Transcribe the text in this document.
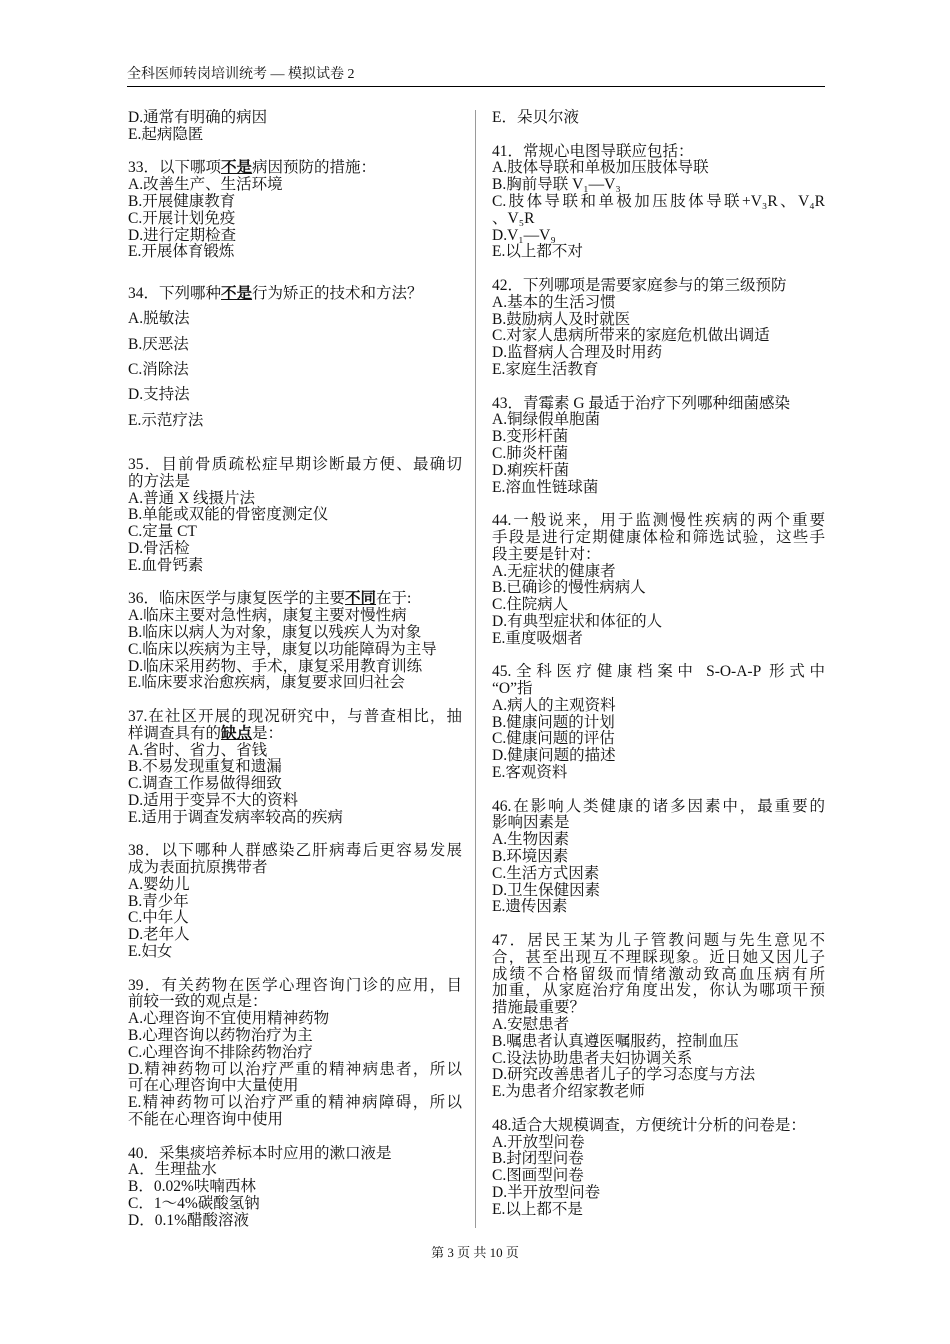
全科医师转岗培训统考 — 模拟试卷 2
D.通常有明确的病因
E.起病隐匿
33．以下哪项不是病因预防的措施：
A.改善生产、生活环境
B.开展健康教育
C.开展计划免疫
D.进行定期检查
E.开展体育锻炼
34．下列哪种不是行为矫正的技术和方法？
A.脱敏法
B.厌恶法
C.消除法
D.支持法
E.示范疗法
35．目前骨质疏松症早期诊断最方便、最确切
的方法是
A.普通 X 线摄片法
B.单能或双能的骨密度测定仪
C.定量 CT
D.骨活检
E.血骨钙素
36．临床医学与康复医学的主要不同在于:
A.临床主要对急性病，康复主要对慢性病
B.临床以病人为对象，康复以残疾人为对象
C.临床以疾病为主导，康复以功能障碍为主导
D.临床采用药物、手术，康复采用教育训练
E.临床要求治愈疾病，康复要求回归社会
37.在社区开展的现况研究中，与普查相比，抽
样调查具有的缺点是：
A.省时、省力、省钱
B.不易发现重复和遗漏
C.调查工作易做得细致
D.适用于变异不大的资料
E.适用于调查发病率较高的疾病
38．以下哪种人群感染乙肝病毒后更容易发展
成为表面抗原携带者
A.婴幼儿
B.青少年
C.中年人
D.老年人
E.妇女
39．有关药物在医学心理咨询门诊的应用，目
前较一致的观点是：
A.心理咨询不宜使用精神药物
B.心理咨询以药物治疗为主
C.心理咨询不排除药物治疗
D.精神药物可以治疗严重的精神病患者，所以
可在心理咨询中大量使用
E.精神药物可以治疗严重的精神病障碍，所以
不能在心理咨询中使用
40．采集痰培养标本时应用的漱口液是
A．生理盐水
B．0.02%呋喃西林
C．1～4%碳酸氢钠
D．0.1%醋酸溶液
E．朵贝尔液
41．常规心电图导联应包括：
A.肢体导联和单极加压肢体导联
B.胸前导联 V₁—V₃
C.肢体导联和单极加压肢体导联+V₃R、V₄R
、V₅R
D.V₁—V₉
E.以上都不对
42．下列哪项是需要家庭参与的第三级预防
A.基本的生活习惯
B.鼓励病人及时就医
C.对家人患病所带来的家庭危机做出调适
D.监督病人合理及时用药
E.家庭生活教育
43．青霉素 G 最适于治疗下列哪种细菌感染
A.铜绿假单胞菌
B.变形杆菌
C.肺炎杆菌
D.痢疾杆菌
E.溶血性链球菌
44.一般说来，用于监测慢性疾病的两个重要
手段是进行定期健康体检和筛选试验，这些手
段主要是针对：
A.无症状的健康者
B.已确诊的慢性病病人
C.住院病人
D.有典型症状和体征的人
E.重度吸烟者
45.全科医疗健康档案中 S-O-A-P 形式中
“O”指
A.病人的主观资料
B.健康问题的计划
C.健康问题的评估
D.健康问题的描述
E.客观资料
46.在影响人类健康的诸多因素中，最重要的
影响因素是
A.生物因素
B.环境因素
C.生活方式因素
D.卫生保健因素
E.遗传因素
47．居民王某为儿子管教问题与先生意见不
合，甚至出现互不理睬现象。近日她又因儿子
成绩不合格留级而情绪激动致高血压病有所
加重，从家庭治疗角度出发，你认为哪项干预
措施最重要？
A.安慰患者
B.嘱患者认真遵医嘱服药，控制血压
C.设法协助患者夫妇协调关系
D.研究改善患者儿子的学习态度与方法
E.为患者介绍家教老师
48.适合大规模调查，方便统计分析的问卷是：
A.开放型问卷
B.封闭型问卷
C.图画型问卷
D.半开放型问卷
E.以上都不是
第 3 页 共 10 页
